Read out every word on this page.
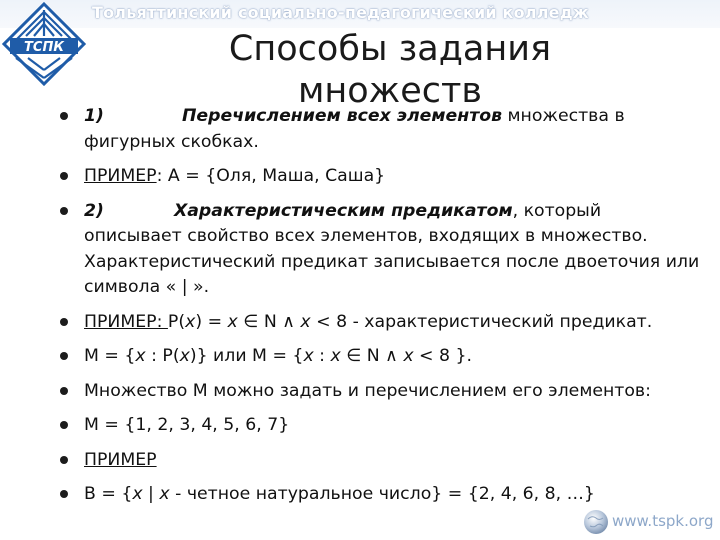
Тольяттинский социально-педагогический колледж
ТСПК	Способы задания множеств
1)	Перечислением всех элементов множества в фигурных скобках.
ПРИМЕР: А = {Оля, Маша, Саша}
2)	Характеристическим предикатом, который описывает свойство всех элементов, входящих в множество. Характеристический предикат записывается после двоеточия или символа « | ».
ПРИМЕР: Р(x) = x ∈ N ∧ x < 8 - характеристический предикат.
М = {x : Р(x)} или М = {x : x ∈ N ∧ x < 8 }.
Множество М можно задать и перечислением его элементов:
М = {1, 2, 3, 4, 5, 6, 7}
ПРИМЕР
В = {x | x - четное натуральное число} = {2, 4, 6, 8, …}
www.tspk.org
